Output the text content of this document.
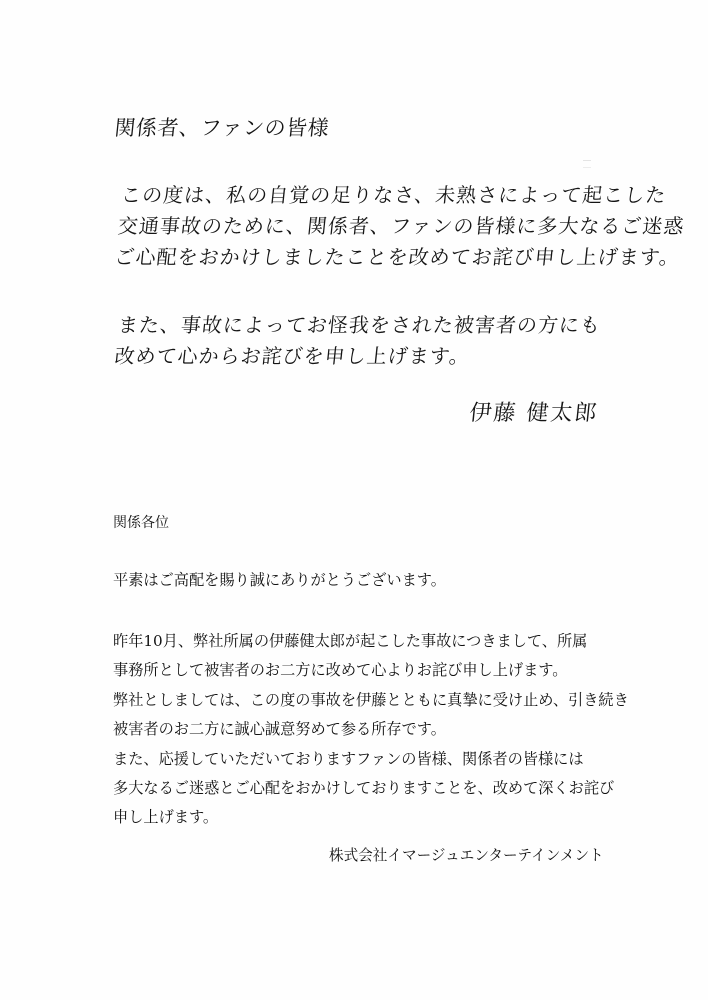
関係者、ファンの皆様
この度は、私の自覚の足りなさ、未熟さによって起こした
交通事故のために、関係者、ファンの皆様に多大なるご迷惑
ご心配をおかけしましたことを改めてお詫び申し上げます。
また、事故によってお怪我をされた被害者の方にも
改めて心からお詫びを申し上げます。
伊藤 健太郎
関係各位
平素はご高配を賜り誠にありがとうございます。
昨年10月、弊社所属の伊藤健太郎が起こした事故につきまして、所属
事務所として被害者のお二方に改めて心よりお詫び申し上げます。
弊社としましては、この度の事故を伊藤とともに真摯に受け止め、引き続き
被害者のお二方に誠心誠意努めて参る所存です。
また、応援していただいておりますファンの皆様、関係者の皆様には
多大なるご迷惑とご心配をおかけしておりますことを、改めて深くお詫び
申し上げます。
株式会社イマージュエンターテインメント
